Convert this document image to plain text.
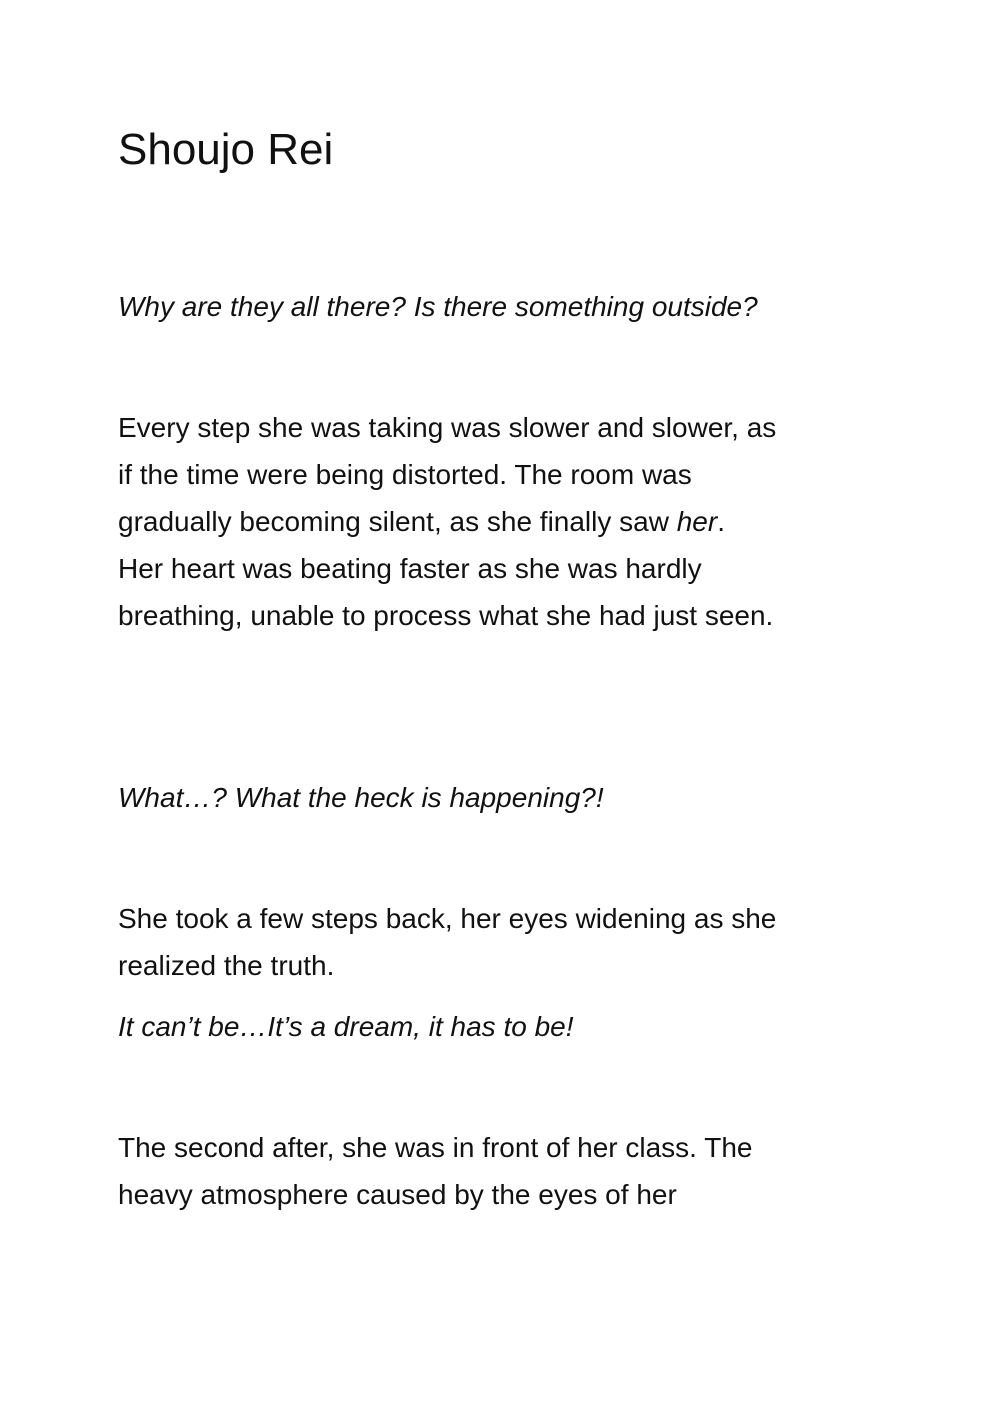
Shoujo Rei

Why are they all there? Is there something outside?

Every step she was taking was slower and slower, as
if the time were being distorted. The room was
gradually becoming silent, as she finally saw her.
Her heart was beating faster as she was hardly
breathing, unable to process what she had just seen.

What…? What the heck is happening?!

She took a few steps back, her eyes widening as she
realized the truth.

It can’t be…It’s a dream, it has to be!

The second after, she was in front of her class. The
heavy atmosphere caused by the eyes of her
